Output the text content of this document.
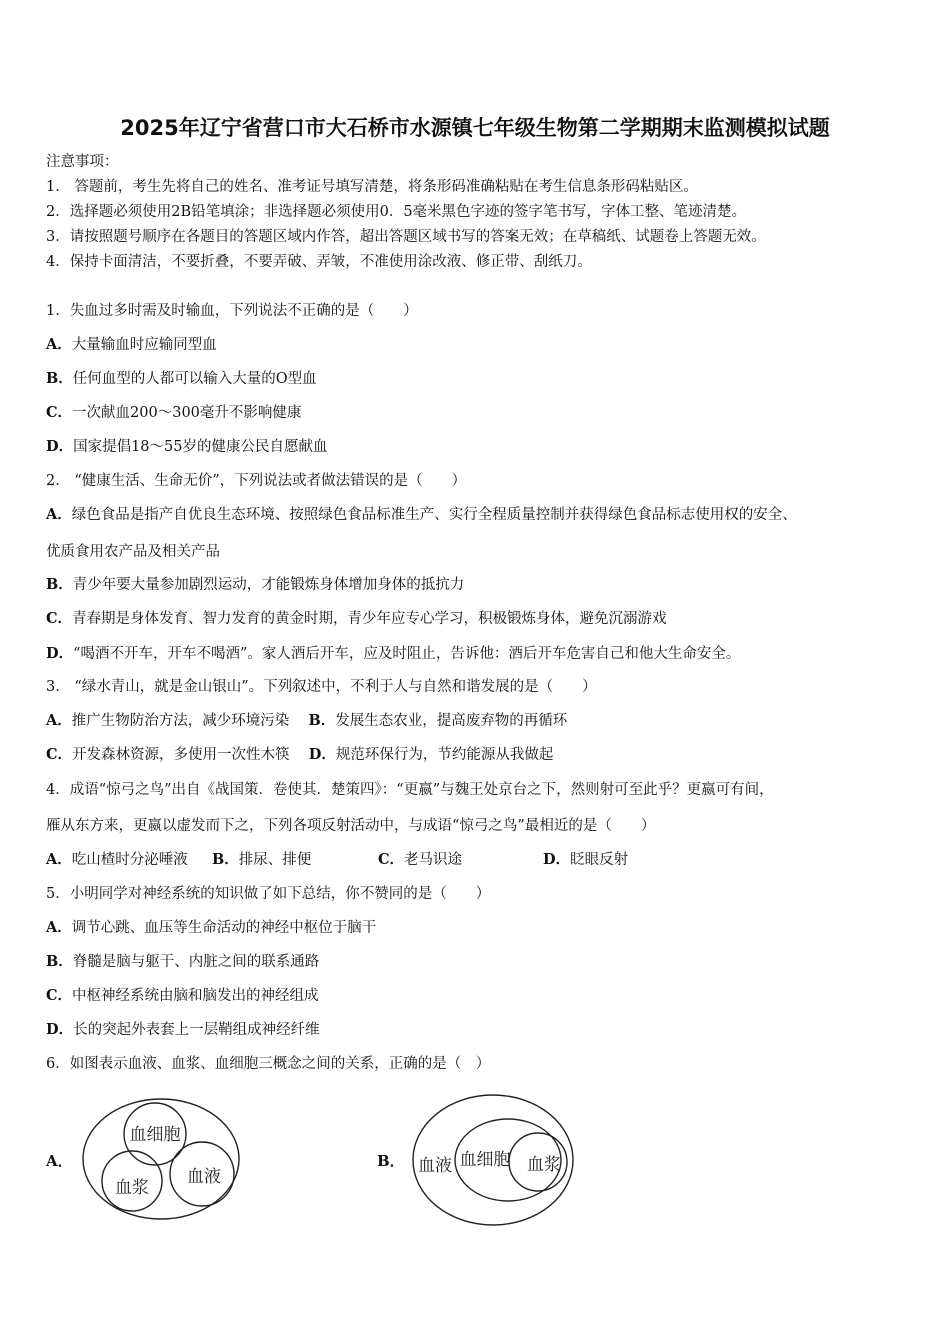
2025年辽宁省营口市大石桥市水源镇七年级生物第二学期期末监测模拟试题
注意事项：
1． 答题前，考生先将自己的姓名、准考证号填写清楚，将条形码准确粘贴在考生信息条形码粘贴区。
2．选择题必须使用2B铅笔填涂；非选择题必须使用0．5毫米黑色字迹的签字笔书写，字体工整、笔迹清楚。
3．请按照题号顺序在各题目的答题区域内作答，超出答题区域书写的答案无效；在草稿纸、试题卷上答题无效。
4．保持卡面清洁，不要折叠，不要弄破、弄皱，不准使用涂改液、修正带、刮纸刀。
1．失血过多时需及时输血，下列说法不正确的是（　　）
A．大量输血时应输同型血
B．任何血型的人都可以输入大量的O型血
C．一次献血200～300毫升不影响健康
D．国家提倡18～55岁的健康公民自愿献血
2． “健康生活、生命无价”，下列说法或者做法错误的是（　　）
A．绿色食品是指产自优良生态环境、按照绿色食品标准生产、实行全程质量控制并获得绿色食品标志使用权的安全、
优质食用农产品及相关产品
B．青少年要大量参加剧烈运动，才能锻炼身体增加身体的抵抗力
C．青春期是身体发育、智力发育的黄金时期，青少年应专心学习，积极锻炼身体，避免沉溺游戏
D．“喝酒不开车，开车不喝酒”。家人酒后开车，应及时阻止，告诉他：酒后开车危害自己和他大生命安全。
3． “绿水青山，就是金山银山”。下列叙述中，不利于人与自然和谐发展的是（　　）
A．推广生物防治方法，减少环境污染 B．发展生态农业，提高废弃物的再循环
C．开发森林资源，多使用一次性木筷 D．规范环保行为，节约能源从我做起
4．成语“惊弓之鸟”出自《战国策．卷使其．楚策四》：“更嬴”与魏王处京台之下，然则射可至此乎？更嬴可有间，
雁从东方来，更嬴以虚发而下之，下列各项反射活动中，与成语“惊弓之鸟”最相近的是（　　）
A．吃山楂时分泌唾液 B．排尿、排便	C．老马识途	D．眨眼反射
5．小明同学对神经系统的知识做了如下总结，你不赞同的是（　　）
A．调节心跳、血压等生命活动的神经中枢位于脑干
B．脊髓是脑与躯干、内脏之间的联系通路
C．中枢神经系统由脑和脑发出的神经组成
D．长的突起外表套上一层鞘组成神经纤维
6．如图表示血液、血浆、血细胞三概念之间的关系，正确的是（　）
A．
血细胞
血浆
血液
B． 血液 血细胞 血浆
